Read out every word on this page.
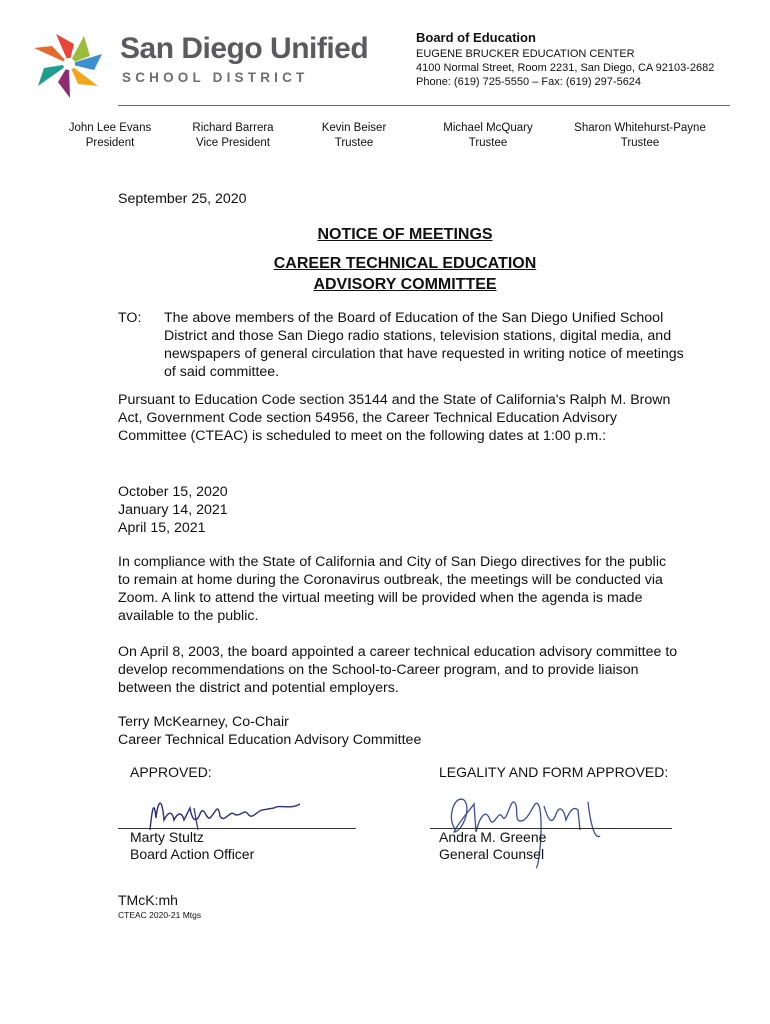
San Diego Unified
SCHOOL DISTRICT
Board of Education
EUGENE BRUCKER EDUCATION CENTER
4100 Normal Street, Room 2231, San Diego, CA 92103-2682
Phone: (619) 725-5550 – Fax: (619) 297-5624
John Lee Evans
President
Richard Barrera
Vice President
Kevin Beiser
Trustee
Michael McQuary
Trustee
Sharon Whitehurst-Payne
Trustee
September 25, 2020
NOTICE OF MEETINGS
CAREER TECHNICAL EDUCATION
ADVISORY COMMITTEE
TO: The above members of the Board of Education of the San Diego Unified School District and those San Diego radio stations, television stations, digital media, and newspapers of general circulation that have requested in writing notice of meetings of said committee.
Pursuant to Education Code section 35144 and the State of California's Ralph M. Brown Act, Government Code section 54956, the Career Technical Education Advisory Committee (CTEAC) is scheduled to meet on the following dates at 1:00 p.m.:
October 15, 2020
January 14, 2021
April 15, 2021
In compliance with the State of California and City of San Diego directives for the public to remain at home during the Coronavirus outbreak, the meetings will be conducted via Zoom. A link to attend the virtual meeting will be provided when the agenda is made available to the public.
On April 8, 2003, the board appointed a career technical education advisory committee to develop recommendations on the School-to-Career program, and to provide liaison between the district and potential employers.
Terry McKearney, Co-Chair
Career Technical Education Advisory Committee
APPROVED:	LEGALITY AND FORM APPROVED:
Marty Stultz
Board Action Officer
Andra M. Greene
General Counsel
TMcK:mh
CTEAC 2020-21 Mtgs
